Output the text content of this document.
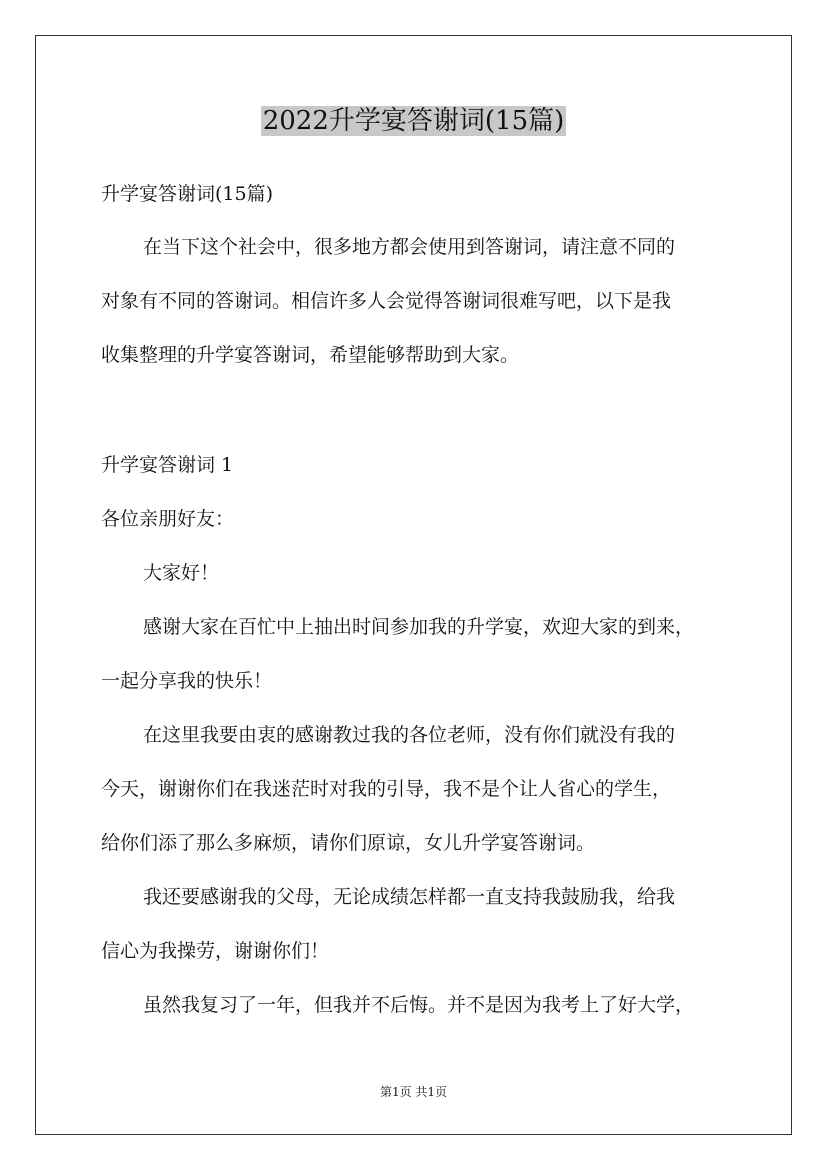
2022升学宴答谢词(15篇)
升学宴答谢词(15篇)
在当下这个社会中，很多地方都会使用到答谢词，请注意不同的
对象有不同的答谢词。相信许多人会觉得答谢词很难写吧，以下是我
收集整理的升学宴答谢词，希望能够帮助到大家。
升学宴答谢词 1
各位亲朋好友：
大家好！
感谢大家在百忙中上抽出时间参加我的升学宴，欢迎大家的到来，
一起分享我的快乐！
在这里我要由衷的感谢教过我的各位老师，没有你们就没有我的
今天，谢谢你们在我迷茫时对我的引导，我不是个让人省心的学生，
给你们添了那么多麻烦，请你们原谅，女儿升学宴答谢词。
我还要感谢我的父母，无论成绩怎样都一直支持我鼓励我，给我
信心为我操劳，谢谢你们！
虽然我复习了一年，但我并不后悔。并不是因为我考上了好大学，
第1页 共1页
